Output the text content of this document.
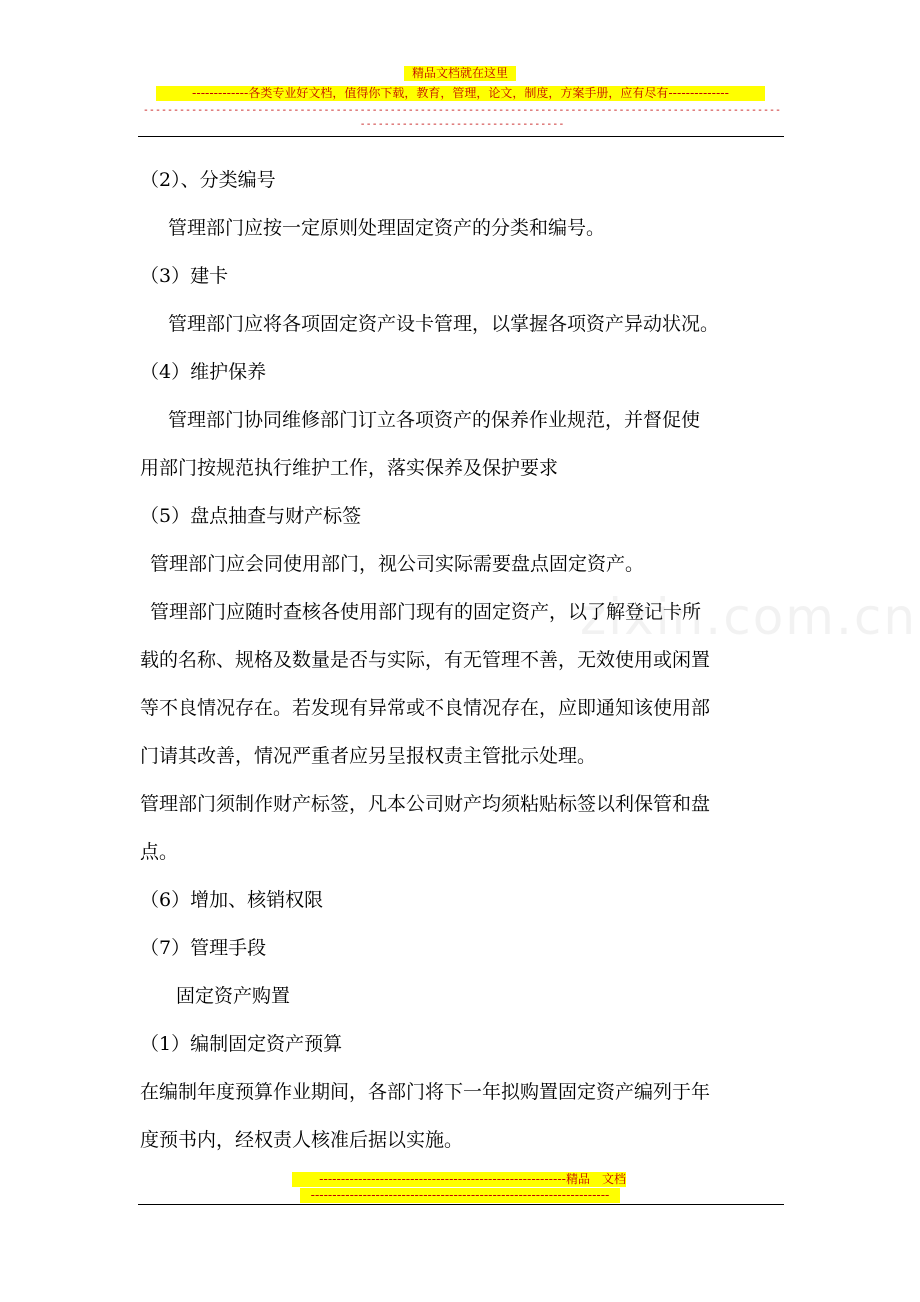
精品文档就在这里
-------------各类专业好文档，值得你下载，教育，管理，论文，制度，方案手册，应有尽有--------------
--------------------------------------------------------------------------------------------------------------------------------------------
zixin.com.cn

（2）、分类编号

管理部门应按一定原则处理固定资产的分类和编号。

（3）建卡

管理部门应将各项固定资产设卡管理，以掌握各项资产异动状况。

（4）维护保养

管理部门协同维修部门订立各项资产的保养作业规范，并督促使

用部门按规范执行维护工作，落实保养及保护要求

（5）盘点抽查与财产标签

管理部门应会同使用部门，视公司实际需要盘点固定资产。

管理部门应随时查核各使用部门现有的固定资产，以了解登记卡所

载的名称、规格及数量是否与实际，有无管理不善，无效使用或闲置

等不良情况存在。若发现有异常或不良情况存在，应即通知该使用部

门请其改善，情况严重者应另呈报权责主管批示处理。

管理部门须制作财产标签，凡本公司财产均须粘贴标签以利保管和盘

点。

（6）增加、核销权限

（7）管理手段

固定资产购置

（1）编制固定资产预算

在编制年度预算作业期间，各部门将下一年拟购置固定资产编列于年

度预书内，经权责人核准后据以实施。

---------------------------------------------------------精品　文档
---------------------------------------------------------------------
